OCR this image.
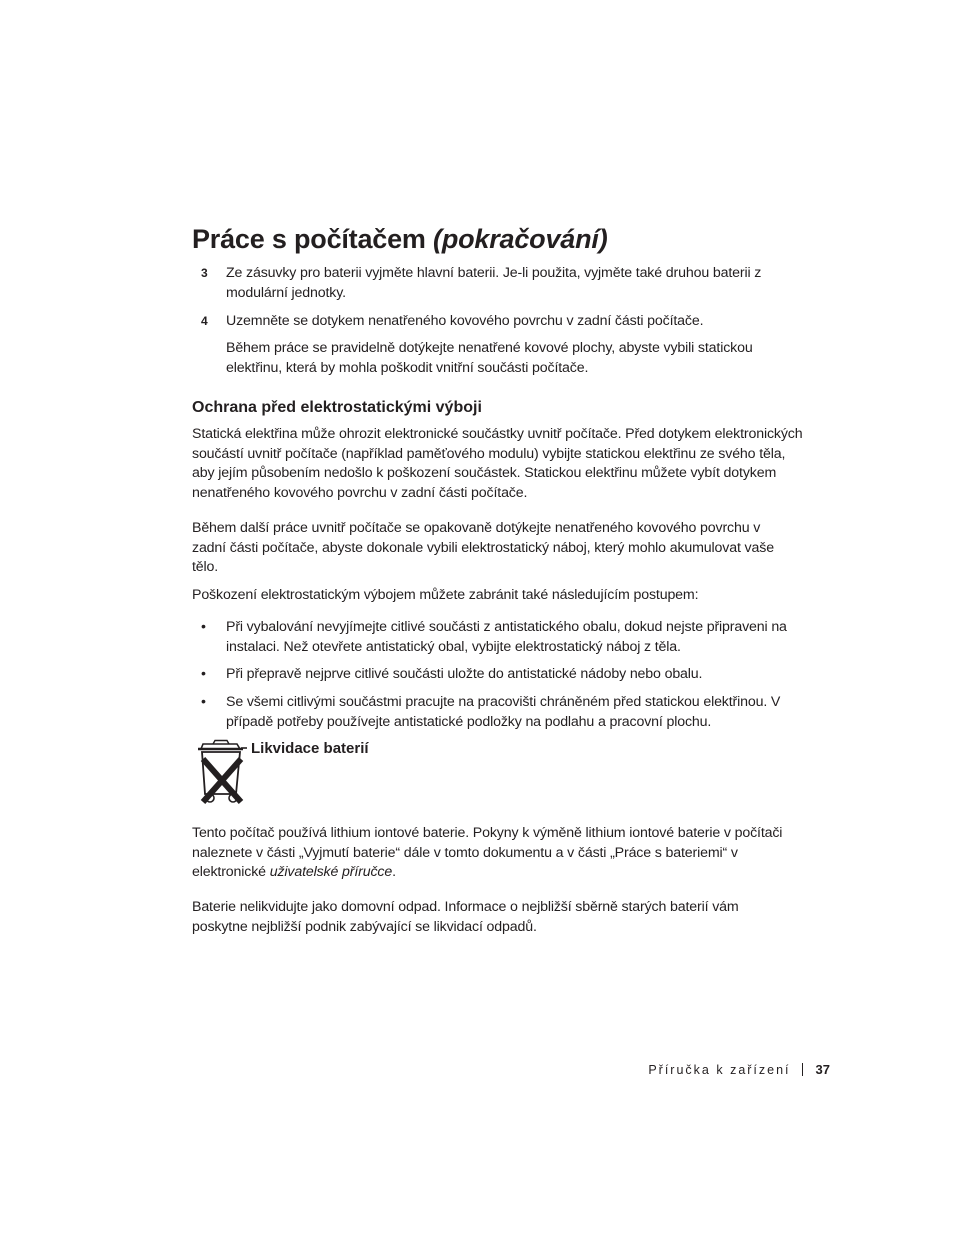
Práce s počítačem (pokračování)
3 Ze zásuvky pro baterii vyjměte hlavní baterii. Je-li použita, vyjměte také druhou baterii z modulární jednotky.
4 Uzemněte se dotykem nenatřeného kovového povrchu v zadní části počítače.

Během práce se pravidelně dotýkejte nenatřené kovové plochy, abyste vybili statickou elektřinu, která by mohla poškodit vnitřní součásti počítače.

Ochrana před elektrostatickými výboji

Statická elektřina může ohrozit elektronické součástky uvnitř počítače. Před dotykem elektronických součástí uvnitř počítače (například paměťového modulu) vybijte statickou elektřinu ze svého těla, aby jejím působením nedošlo k poškození součástek. Statickou elektřinu můžete vybít dotykem nenatřeného kovového povrchu v zadní části počítače.

Během další práce uvnitř počítače se opakovaně dotýkejte nenatřeného kovového povrchu v zadní části počítače, abyste dokonale vybili elektrostatický náboj, který mohlo akumulovat vaše tělo.

Poškození elektrostatickým výbojem můžete zabránit také následujícím postupem:

• Při vybalování nevyjímejte citlivé součásti z antistatického obalu, dokud nejste připraveni na instalaci. Než otevřete antistatický obal, vybijte elektrostatický náboj z těla.
• Při přepravě nejprve citlivé součásti uložte do antistatické nádoby nebo obalu.
• Se všemi citlivými součástmi pracujte na pracovišti chráněném před statickou elektřinou. V případě potřeby používejte antistatické podložky na podlahu a pracovní plochu.
Likvidace baterií

Tento počítač používá lithium iontové baterie. Pokyny k výměně lithium iontové baterie v počítači naleznete v části „Vyjmutí baterie“ dále v tomto dokumentu a v části „Práce s bateriemi“ v elektronické uživatelské příručce.

Baterie nelikvidujte jako domovní odpad. Informace o nejbližší sběrně starých baterií vám poskytne nejbližší podnik zabývající se likvidací odpadů.

Příručka k zařízení 37
